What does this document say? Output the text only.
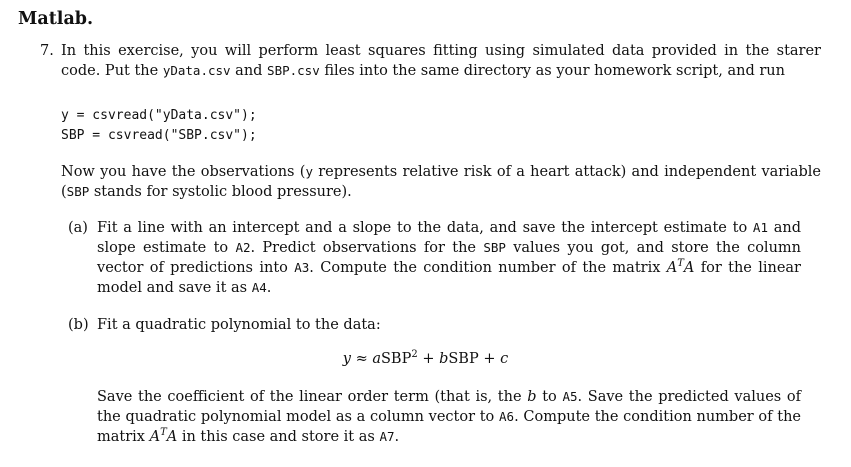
Matlab.
7. In this exercise, you will perform least squares fitting using simulated data provided in the starer code. Put the yData.csv and SBP.csv files into the same directory as your homework script, and run
y = csvread("yData.csv");
SBP = csvread("SBP.csv");
Now you have the observations (y represents relative risk of a heart attack) and independent variable (SBP stands for systolic blood pressure).
(a) Fit a line with an intercept and a slope to the data, and save the intercept estimate to A1 and slope estimate to A2. Predict observations for the SBP values you got, and store the column vector of predictions into A3. Compute the condition number of the matrix $A^TA$ for the linear model and save it as A4.
(b) Fit a quadratic polynomial to the data:
y ≈ aSBP$^2$ + bSBP + c
Save the coefficient of the linear order term (that is, the b to A5. Save the predicted values of the quadratic polynomial model as a column vector to A6. Compute the condition number of the matrix $A^TA$ in this case and store it as A7.
